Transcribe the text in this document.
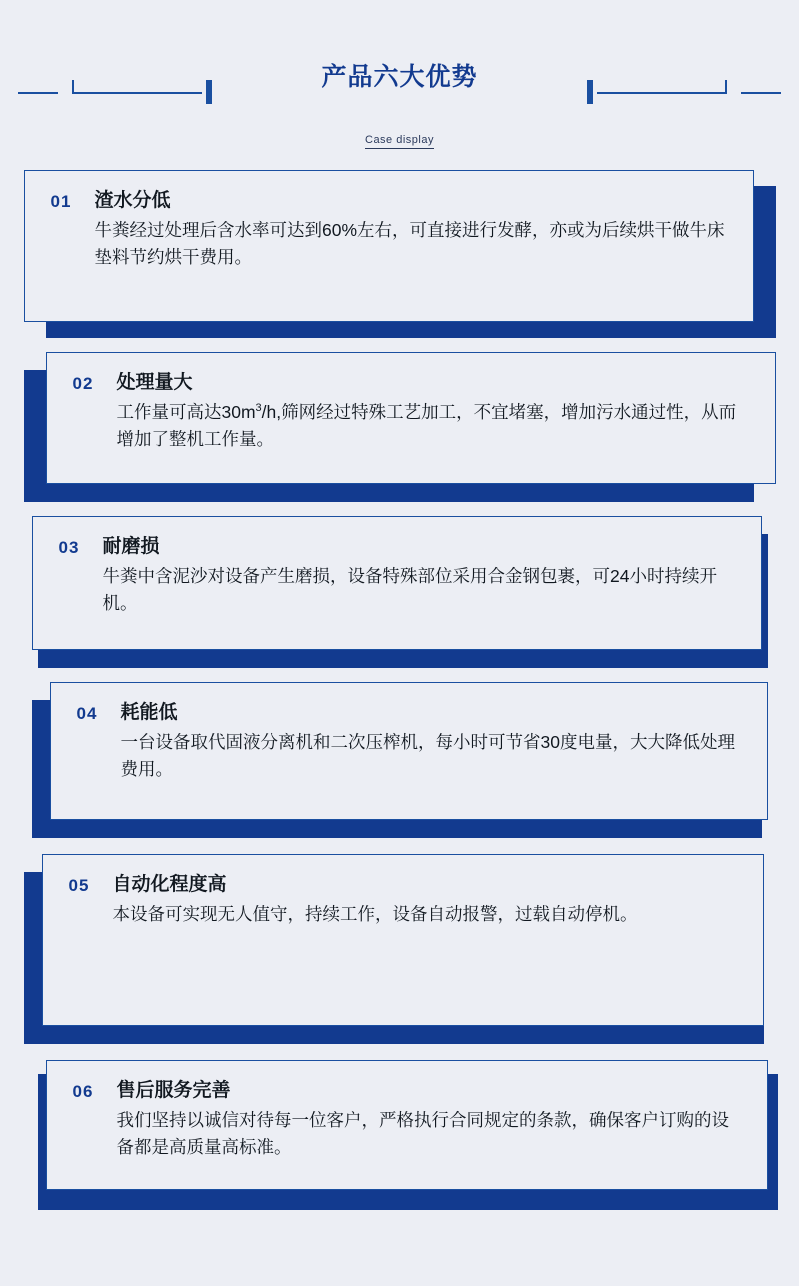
产品六大优势
Case display
01	渣水分低
牛粪经过处理后含水率可达到60%左右，可直接进行发酵，亦或为后续烘干做牛床垫料节约烘干费用。
02	处理量大
工作量可高达$30m^3/h$,筛网经过特殊工艺加工，不宜堵塞，增加污水通过性，从而增加了整机工作量。
03	耐磨损
牛粪中含泥沙对设备产生磨损，设备特殊部位采用合金钢包裹，可24小时持续开机。
04	耗能低
一台设备取代固液分离机和二次压榨机，每小时可节省30度电量，大大降低处理费用。
05	自动化程度高
本设备可实现无人值守，持续工作，设备自动报警，过载自动停机。
06	售后服务完善
我们坚持以诚信对待每一位客户，严格执行合同规定的条款，确保客户订购的设备都是高质量高标准。
